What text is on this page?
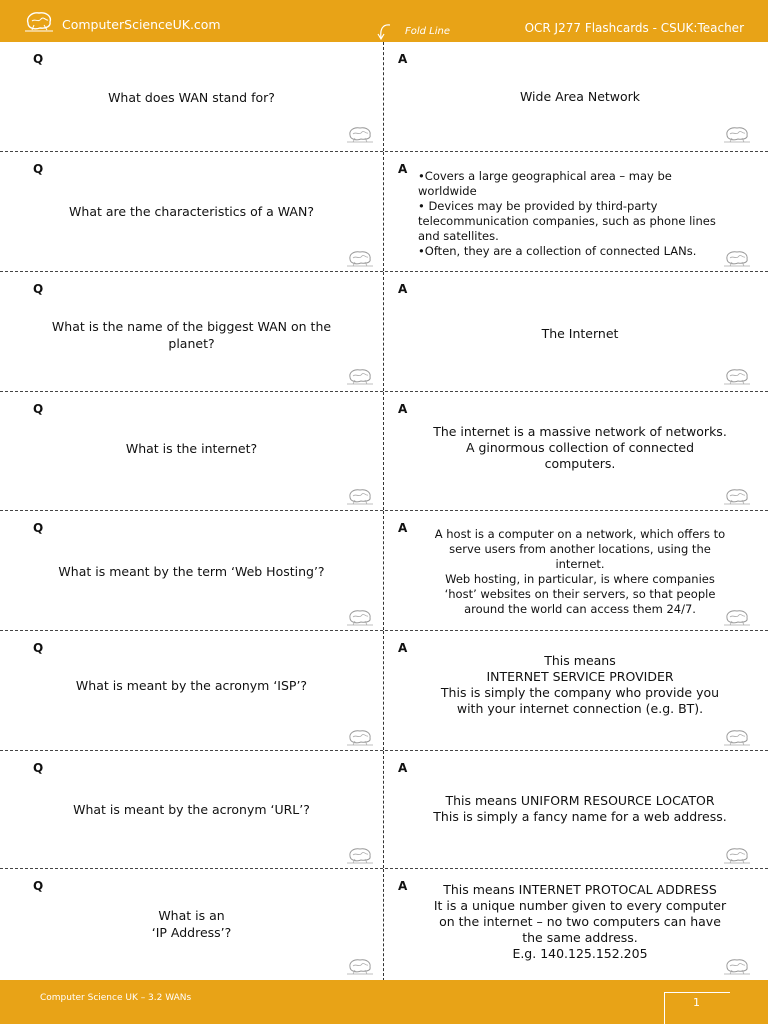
ComputerScienceUK.com	Fold Line	OCR J277 Flashcards - CSUK:Teacher
Q
What does WAN stand for?
A
Wide Area Network
Q
What are the characteristics of a WAN?
A •Covers a large geographical area – may be
worldwide
• Devices may be provided by third-party
telecommunication companies, such as phone lines
and satellites.
•Often, they are a collection of connected LANs.
Q
What is the name of the biggest WAN on the planet?
A
The Internet
Q
What is the internet?
A
The internet is a massive network of networks.
A ginormous collection of connected
computers.
Q
What is meant by the term ‘Web Hosting’?
A	A host is a computer on a network, which offers to
serve users from another locations, using the
internet.
Web hosting, in particular, is where companies
‘host’ websites on their servers, so that people
around the world can access them 24/7.
Q
What is meant by the acronym ‘ISP’?
A
This means
INTERNET SERVICE PROVIDER
This is simply the company who provide you
with your internet connection (e.g. BT).
Q
What is meant by the acronym ‘URL’?
A
This means UNIFORM RESOURCE LOCATOR
This is simply a fancy name for a web address.
Q
What is an
‘IP Address’?
A	This means INTERNET PROTOCAL ADDRESS
It is a unique number given to every computer
on the internet – no two computers can have
the same address.
E.g. 140.125.152.205
Computer Science UK – 3.2 WANs	1
